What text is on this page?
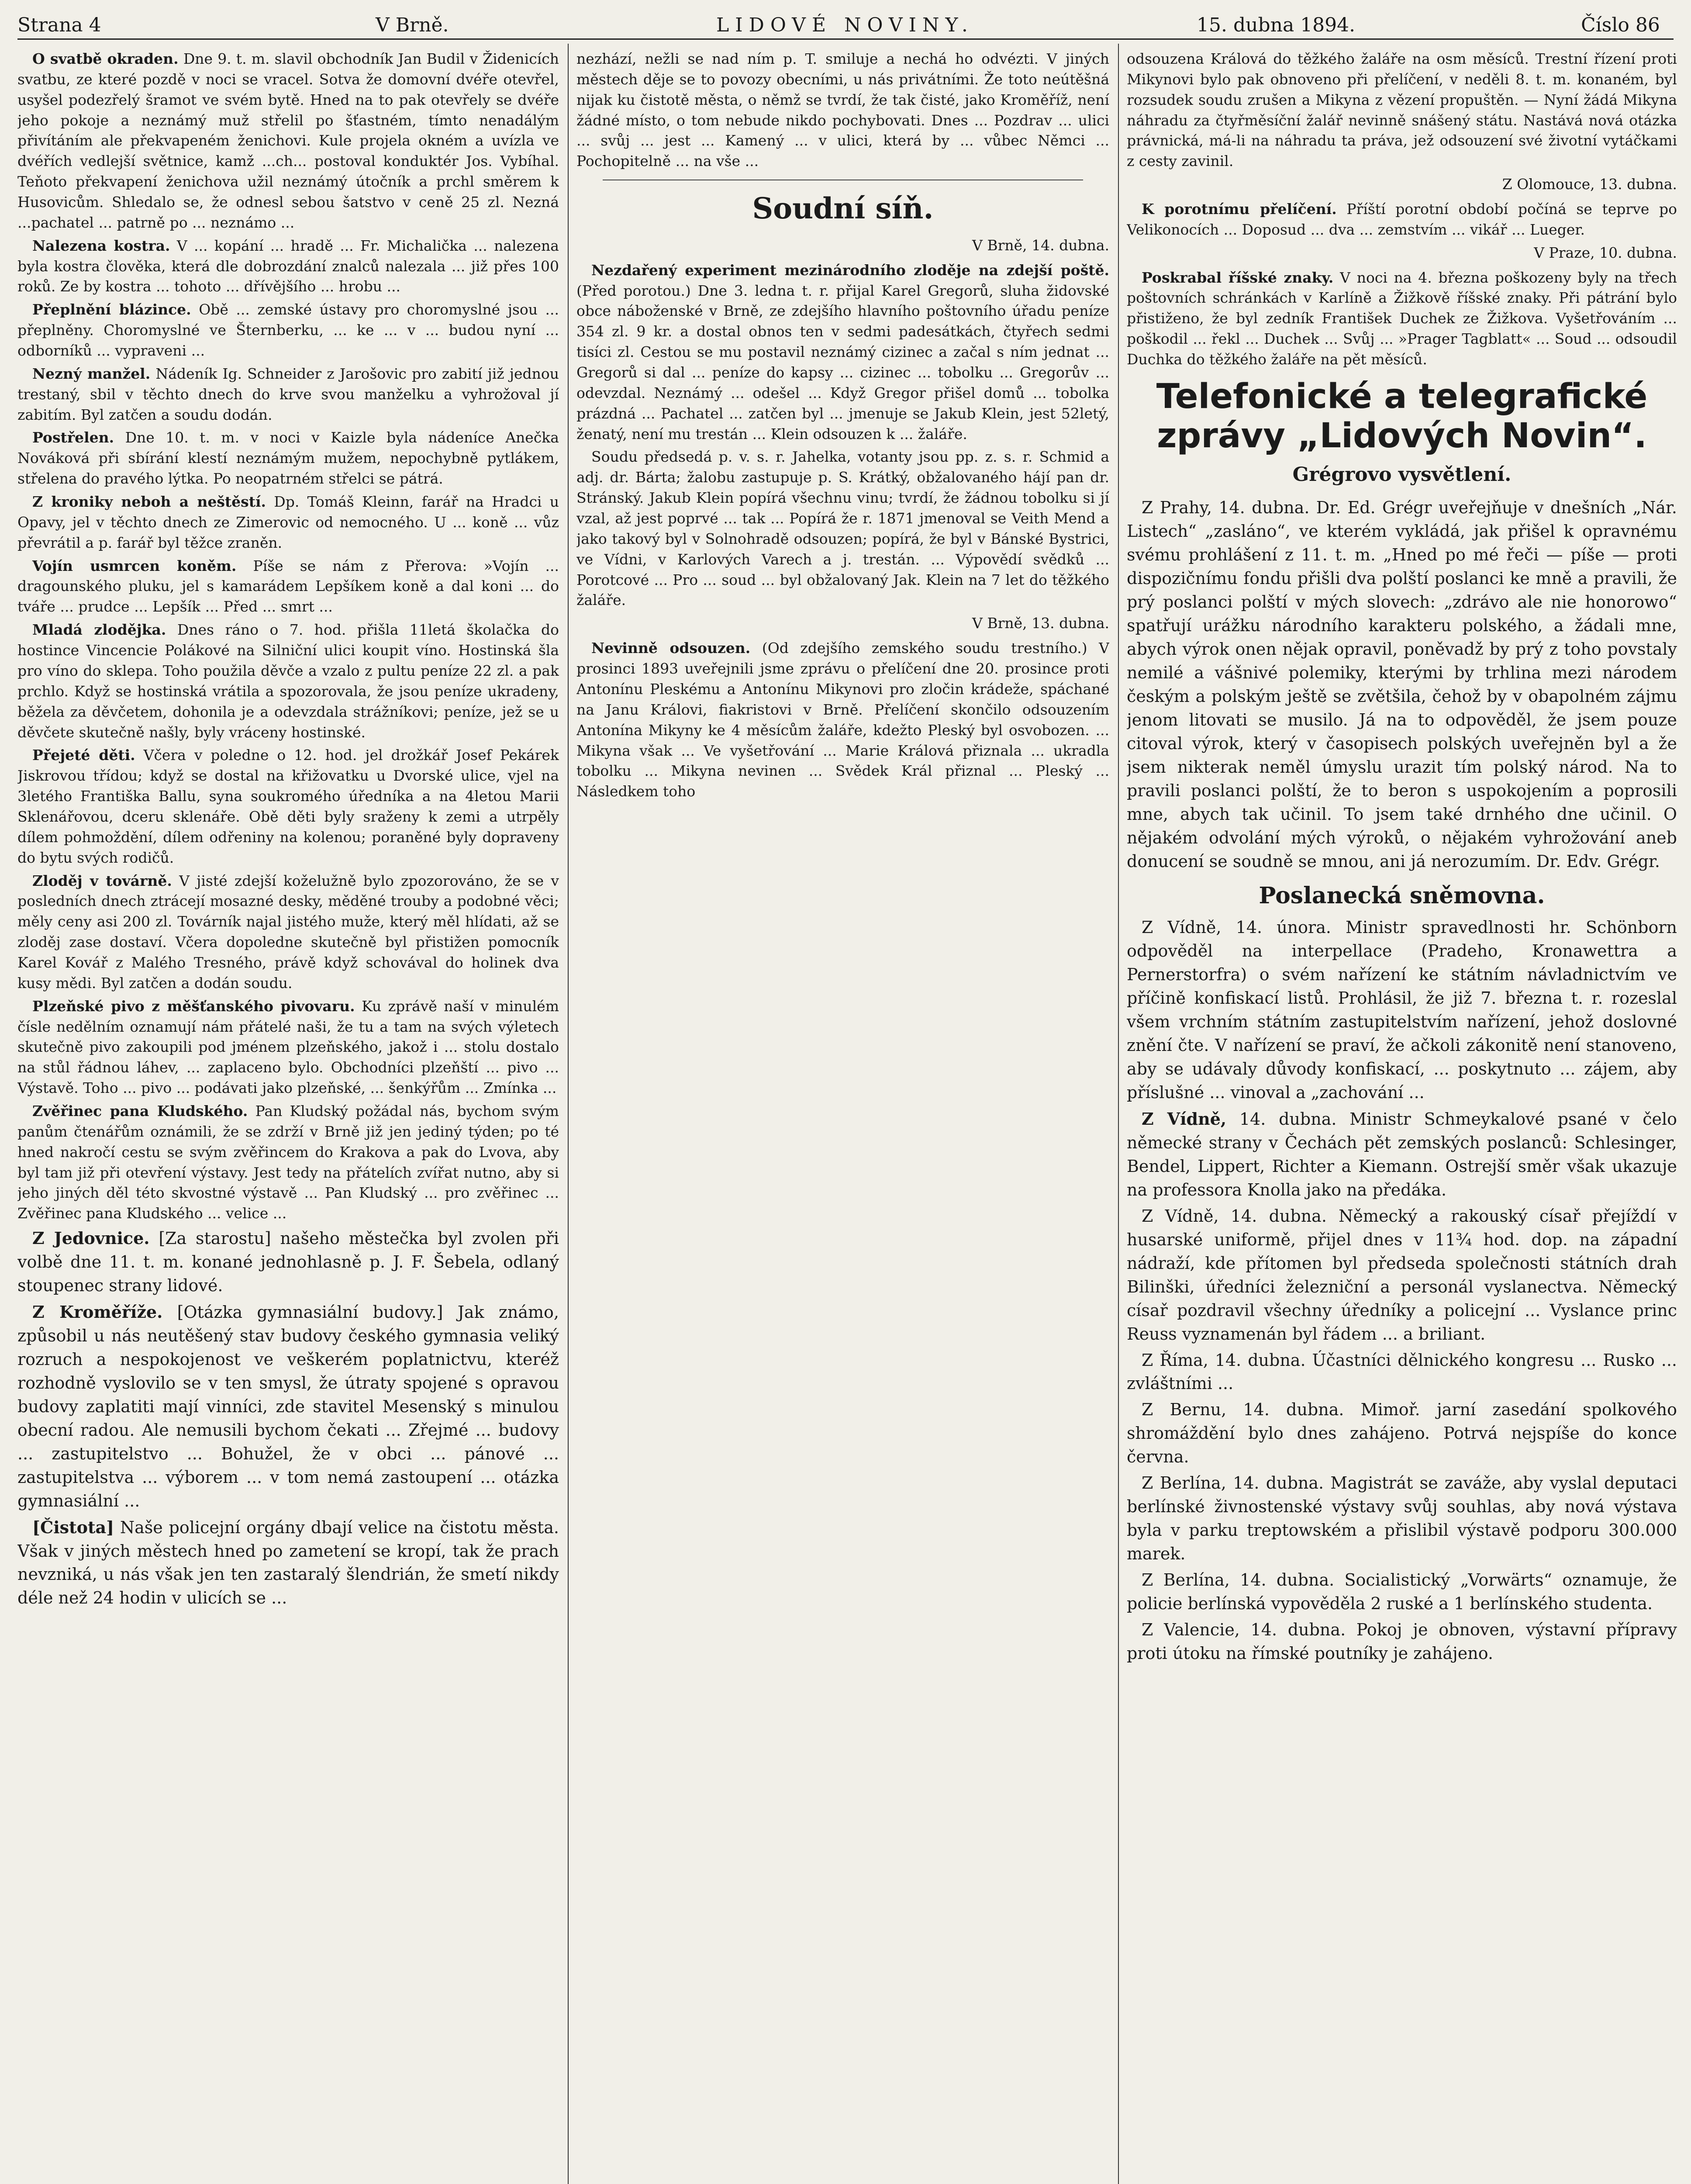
Strana 4	V Brně.	LIDOVÉ NOVINY.	15. dubna 1894.	Číslo 86

O svatbě okraden. Dne 9. t. m. slavil obchodník Jan Budil v Židenicích svatbu, ze které pozdě v noci se vracel. Sotva že domovní dvéře otevřel, usyšel podezřelý šramot ve svém bytě. Hned na to pak otevřely se dvéře jeho pokoje a neznámý muž střelil po šťastném, tímto nenadálým přivítáním ale překvapeném ženichovi. Kule projela okném a uvízla ve dvéřích vedlejší světnice, kamž ...ch... postoval konduktér Jos. Vybíhal. Teňoto překvapení ženichova užil neznámý útočník a prchl směrem k Husovicům. Shledalo se, že odnesl sebou šatstvo v ceně 25 zl. Nezná ...pachatel ... patrně po ... neznámo ...

Nalezena kostra. V ... kopání ... hradě ... Fr. Michalička ... nalezena byla kostra člověka, která dle dobrozdání znalců nalezala ... již přes 100 roků. Ze by kostra ... tohoto ... dřívějšího ... hrobu ...

Přeplnění blázince. Obě ... zemské ústavy pro choromyslné jsou ... přeplněny. Choromyslné ve Šternberku, ... ke ... v ... budou nyní ... odborníků ... vypraveni ...

Nezný manžel. Nádeník Ig. Schneider z Jarošovic pro zabití již jednou trestaný, sbil v těchto dnech do krve svou manželku a vyhrožoval jí zabitím. Byl zatčen a soudu dodán.

Postřelen. Dne 10. t. m. v noci v Kaizle byla nádeníce Anečka Nováková při sbírání klestí neznámým mužem, nepochybně pytlákem, střelena do pravého lýtka. Po neopatrném střelci se pátrá.

Z kroniky neboh a neštěstí. Dp. Tomáš Kleinn, farář na Hradci u Opavy, jel v těchto dnech ze Zimerovic od nemocného. U ... koně ... vůz převrátil a p. farář byl těžce zraněn.

Vojín usmrcen koněm. Píše se nám z Přerova: »Vojín ... dragounského pluku, jel s kamarádem Lepšíkem koně a dal koni ... do tváře ... prudce ... Lepšík ... Před ... smrt ...

Mladá zlodějka. Dnes ráno o 7. hod. přišla 11letá školačka do hostince Vincencie Polákové na Silniční ulici koupit víno. Hostinská šla pro víno do sklepa. Toho použila děvče a vzalo z pultu peníze 22 zl. a pak prchlo. Když se hostinská vrátila a spozorovala, že jsou peníze ukradeny, běžela za děvčetem, dohonila je a odevzdala strážníkovi; peníze, jež se u děvčete skutečně našly, byly vráceny hostinské.

Přejeté děti. Včera v poledne o 12. hod. jel drožkář Josef Pekárek Jiskrovou třídou; když se dostal na křižovatku u Dvorské ulice, vjel na 3letého Františka Ballu, syna soukromého úředníka a na 4letou Marii Sklenářovou, dceru sklenáře. Obě děti byly sraženy k zemi a utrpěly dílem pohmoždění, dílem odřeniny na kolenou; poraněné byly dopraveny do bytu svých rodičů.

Zloděj v továrně. V jisté zdejší koželužně bylo zpozorováno, že se v posledních dnech ztrácejí mosazné desky, měděné trouby a podobné věci; měly ceny asi 200 zl. Továrník najal jistého muže, který měl hlídati, až se zloděj zase dostaví. Včera dopoledne skutečně byl přistižen pomocník Karel Kovář z Malého Tresného, právě když schovával do holinek dva kusy mědi. Byl zatčen a dodán soudu.

Plzeňské pivo z měšťanského pivovaru. Ku zprávě naší v minulém čísle nedělním oznamují nám přátelé naši, že tu a tam na svých výletech skutečně pivo zakoupili pod jménem plzeňského, jakož i ... stolu dostalo na stůl řádnou láhev, ... zaplaceno bylo. Obchodníci plzeňští ... pivo ... Výstavě. Toho ... pivo ... podávati jako plzeňské, ... šenkýřům ... Zmínka ...

Zvěřinec pana Kludského. Pan Kludský požádal nás, bychom svým panům čtenářům oznámili, že se zdrží v Brně již jen jediný týden; po té hned nakročí cestu se svým zvěřincem do Krakova a pak do Lvova, aby byl tam již při otevření výstavy. Jest tedy na přátelích zvířat nutno, aby si jeho jiných děl této skvostné výstavě ... Pan Kludský ... pro zvěřinec ... Zvěřinec pana Kludského ... velice ...

Z Jedovnice. [Za starostu] našeho městečka byl zvolen při volbě dne 11. t. m. konané jednohlasně p. J. F. Šebela, odlaný stoupenec strany lidové.

Z Kroměříže. [Otázka gymnasiální budovy.] Jak známo, způsobil u nás neutěšený stav budovy českého gymnasia veliký rozruch a nespokojenost ve veškerém poplatnictvu, kteréž rozhodně vyslovilo se v ten smysl, že útraty spojené s opravou budovy zaplatiti mají vinníci, zde stavitel Mesenský s minulou obecní radou. Ale nemusili bychom čekati ... Zřejmé ... budovy ... zastupitelstvo ... Bohužel, že v obci ... pánové ... zastupitelstva ... výborem ... v tom nemá zastoupení ... otázka gymnasiální ...

[Čistota] Naše policejní orgány dbají velice na čistotu města. Však v jiných městech hned po zametení se kropí, tak že prach nevzniká, u nás však jen ten zastaralý šlendrián, že smetí nikdy déle než 24 hodin v ulicích se ...

nezhází, nežli se nad ním p. T. smiluje a nechá ho odvézti. V jiných městech děje se to povozy obecními, u nás privátními. Že toto neútěšná nijak ku čistotě města, o němž se tvrdí, že tak čisté, jako Kroměříž, není žádné místo, o tom nebude nikdo pochybovati. Dnes ... Pozdrav ... ulici ... svůj ... jest ... Kamený ... v ulici, která by ... vůbec Němci ... Pochopitelně ... na vše ...

Soudní síň.
V Brně, 14. dubna.

Nezdařený experiment mezinárodního zloděje na zdejší poště. (Před porotou.) Dne 3. ledna t. r. přijal Karel Gregorů, sluha židovské obce náboženské v Brně, ze zdejšího hlavního poštovního úřadu peníze 354 zl. 9 kr. a dostal obnos ten v sedmi padesátkách, čtyřech sedmi tisíci zl. Cestou se mu postavil neznámý cizinec a začal s ním jednat ... Gregorů si dal ... peníze do kapsy ... cizinec ... tobolku ... Gregorův ... odevzdal. Neznámý ... odešel ... Když Gregor přišel domů ... tobolka prázdná ... Pachatel ... zatčen byl ... jmenuje se Jakub Klein, jest 52letý, ženatý, není mu trestán ... Klein odsouzen k ... žaláře.

Soudu předsedá p. v. s. r. Jahelka, votanty jsou pp. z. s. r. Schmid a adj. dr. Bárta; žalobu zastupuje p. S. Krátký, obžalovaného hájí pan dr. Stránský. Jakub Klein popírá všechnu vinu; tvrdí, že žádnou tobolku si jí vzal, až jest poprvé ... tak ... Popírá že r. 1871 jmenoval se Veith Mend a jako takový byl v Solnohradě odsouzen; popírá, že byl v Bánské Bystrici, ve Vídni, v Karlových Varech a j. trestán. ... Výpovědí svědků ... Porotcové ... Pro ... soud ... byl obžalovaný Jak. Klein na 7 let do těžkého žaláře.

V Brně, 13. dubna.

Nevinně odsouzen. (Od zdejšího zemského soudu trestního.) V prosinci 1893 uveřejnili jsme zprávu o přelíčení dne 20. prosince proti Antonínu Pleskému a Antonínu Mikynovi pro zločin krádeže, spáchané na Janu Královi, fiakristovi v Brně. Přelíčení skončilo odsouzením Antonína Mikyny ke 4 měsícům žaláře, kdežto Pleský byl osvobozen. ... Mikyna však ... Ve vyšetřování ... Marie Králová přiznala ... ukradla tobolku ... Mikyna nevinen ... Svědek Král přiznal ... Pleský ... Následkem toho

odsouzena Králová do těžkého žaláře na osm měsíců. Trestní řízení proti Mikynovi bylo pak obnoveno při přelíčení, v neděli 8. t. m. konaném, byl rozsudek soudu zrušen a Mikyna z vězení propuštěn. — Nyní žádá Mikyna náhradu za čtyřměsíční žalář nevinně snášený státu. Nastává nová otázka právnická, má-li na náhradu ta práva, jež odsouzení své životní vytáčkami z cesty zavinil.

Z Olomouce, 13. dubna.

K porotnímu přelíčení. Příští porotní období počíná se teprve po Velikonocích ... Doposud ... dva ... zemstvím ... vikář ... Lueger.

V Praze, 10. dubna.

Poskrabal říšské znaky. V noci na 4. března poškozeny byly na třech poštovních schránkách v Karlíně a Žižkově říšské znaky. Při pátrání bylo přistiženo, že byl zedník František Duchek ze Žižkova. Vyšetřováním ... poškodil ... řekl ... Duchek ... Svůj ... »Prager Tagblatt« ... Soud ... odsoudil Duchka do těžkého žaláře na pět měsíců.

Telefonické a telegrafické zprávy „Lidových Novin“.
Grégrovo vysvětlení.

Z Prahy, 14. dubna. Dr. Ed. Grégr uveřejňuje v dnešních „Nár. Listech“ „zasláno“, ve kterém vykládá, jak přišel k opravnému svému prohlášení z 11. t. m. „Hned po mé řeči — píše — proti dispozičnímu fondu přišli dva polští poslanci ke mně a pravili, že prý poslanci polští v mých slovech: „zdrávo ale nie honorowo“ spatřují urážku národního karakteru polského, a žádali mne, abych výrok onen nějak opravil, poněvadž by prý z toho povstaly nemilé a vášnivé polemiky, kterými by trhlina mezi národem českým a polským ještě se zvětšila, čehož by v obapolném zájmu jenom litovati se musilo. Já na to odpověděl, že jsem pouze citoval výrok, který v časopisech polských uveřejněn byl a že jsem nikterak neměl úmyslu urazit tím polský národ. Na to pravili poslanci polští, že to beron s uspokojením a poprosili mne, abych tak učinil. To jsem také drnhého dne učinil. O nějakém odvolání mých výroků, o nějakém vyhrožování aneb donucení se soudně se mnou, ani já nerozumím. Dr. Edv. Grégr.

Poslanecká sněmovna.

Z Vídně, 14. února. Ministr spravedlnosti hr. Schönborn odpověděl na interpellace (Pradeho, Kronawettra a Pernerstorfra) o svém nařízení ke státním návladnictvím ve příčině konfiskací listů. Prohlásil, že již 7. března t. r. rozeslal všem vrchním státním zastupitelstvím nařízení, jehož doslovné znění čte. V nařízení se praví, že ačkoli zákonitě není stanoveno, aby se udávaly důvody konfiskací, ... poskytnuto ... zájem, aby příslušné ... vinoval a „zachování ...

Z Vídně, 14. dubna. Ministr Schmeykalové psané v čelo německé strany v Čechách pět zemských poslanců: Schlesinger, Bendel, Lippert, Richter a Kiemann. Ostrejší směr však ukazuje na professora Knolla jako na předáka.

Z Vídně, 14. dubna. Německý a rakouský císař přejíždí v husarské uniformě, přijel dnes v 11¾ hod. dop. na západní nádraží, kde přítomen byl předseda společnosti státních drah Bilinški, úředníci železniční a personál vyslanectva. Německý císař pozdravil všechny úředníky a policejní ... Vyslance princ Reuss vyznamenán byl řádem ... a briliant.

Z Říma, 14. dubna. Účastníci dělnického kongresu ... Rusko ... zvláštními ...

Z Bernu, 14. dubna. Mimoř. jarní zasedání spolkového shromáždění bylo dnes zahájeno. Potrvá nejspíše do konce června.

Z Berlína, 14. dubna. Magistrát se zaváže, aby vyslal deputaci berlínské živnostenské výstavy svůj souhlas, aby nová výstava byla v parku treptowském a přislibil výstavě podporu 300.000 marek.

Z Berlína, 14. dubna. Socialistický „Vorwärts“ oznamuje, že policie berlínská vypověděla 2 ruské a 1 berlínského studenta.

Z Valencie, 14. dubna. Pokoj je obnoven, výstavní přípravy proti útoku na římské poutníky je zahájeno.
